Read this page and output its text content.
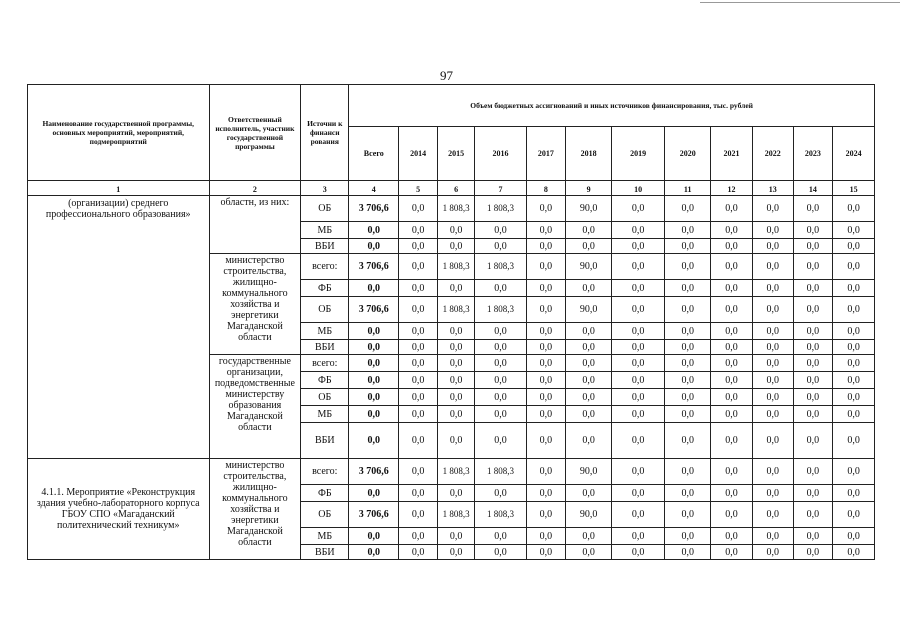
97
Наименование государственной программы, основных мероприятий, мероприятий, подмероприятий	Ответственный исполнитель, участник государственной программы	Источни к финанси рования	Объем бюджетных ассигнований и иных источников финансирования, тыс. рублей											
			Всего	2014	2015	2016	2017	2018	2019	2020	2021	2022	2023	2024
1	2	3	4	5	6	7	8	9	10	11	12	13	14	15
(организации) среднего профессионального образования»	областн, из них:	ОБ	3 706,6	0,0	1 808,3	1 808,3	0,0	90,0	0,0	0,0	0,0	0,0	0,0	0,0
		МБ	0,0	0,0	0,0	0,0	0,0	0,0	0,0	0,0	0,0	0,0	0,0	0,0
		ВБИ	0,0	0,0	0,0	0,0	0,0	0,0	0,0	0,0	0,0	0,0	0,0	0,0
	министерство строительства, жилищно-коммунального хозяйства и энергетики Магаданской области	всего:	3 706,6	0,0	1 808,3	1 808,3	0,0	90,0	0,0	0,0	0,0	0,0	0,0	0,0
		ФБ	0,0	0,0	0,0	0,0	0,0	0,0	0,0	0,0	0,0	0,0	0,0	0,0
		ОБ	3 706,6	0,0	1 808,3	1 808,3	0,0	90,0	0,0	0,0	0,0	0,0	0,0	0,0
		МБ	0,0	0,0	0,0	0,0	0,0	0,0	0,0	0,0	0,0	0,0	0,0	0,0
		ВБИ	0,0	0,0	0,0	0,0	0,0	0,0	0,0	0,0	0,0	0,0	0,0	0,0
	государственные организации, подведомственные министерству образования Магаданской области	всего:	0,0	0,0	0,0	0,0	0,0	0,0	0,0	0,0	0,0	0,0	0,0	0,0
		ФБ	0,0	0,0	0,0	0,0	0,0	0,0	0,0	0,0	0,0	0,0	0,0	0,0
		ОБ	0,0	0,0	0,0	0,0	0,0	0,0	0,0	0,0	0,0	0,0	0,0	0,0
		МБ	0,0	0,0	0,0	0,0	0,0	0,0	0,0	0,0	0,0	0,0	0,0	0,0
		ВБИ	0,0	0,0	0,0	0,0	0,0	0,0	0,0	0,0	0,0	0,0	0,0	0,0
4.1.1. Мероприятие «Реконструкция здания учебно-лабораторного корпуса ГБОУ СПО «Магаданский политехнический техникум»	министерство строительства, жилищно-коммунального хозяйства и энергетики Магаданской области	всего:	3 706,6	0,0	1 808,3	1 808,3	0,0	90,0	0,0	0,0	0,0	0,0	0,0	0,0
		ФБ	0,0	0,0	0,0	0,0	0,0	0,0	0,0	0,0	0,0	0,0	0,0	0,0
		ОБ	3 706,6	0,0	1 808,3	1 808,3	0,0	90,0	0,0	0,0	0,0	0,0	0,0	0,0
		МБ	0,0	0,0	0,0	0,0	0,0	0,0	0,0	0,0	0,0	0,0	0,0	0,0
		ВБИ	0,0	0,0	0,0	0,0	0,0	0,0	0,0	0,0	0,0	0,0	0,0	0,0
